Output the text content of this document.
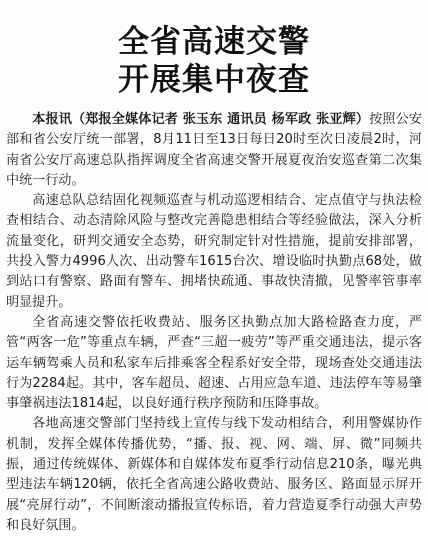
全省高速交警
开展集中夜查

本报讯（郑报全媒体记者 张玉东 通讯员 杨军政 张亚辉）按照公安部和省公安厅统一部署，8月11日至13日每日20时至次日凌晨2时，河南省公安厅高速总队指挥调度全省高速交警开展夏夜治安巡查第二次集中统一行动。

高速总队总结固化视频巡查与机动巡逻相结合、定点值守与执法检查相结合、动态清除风险与整改完善隐患相结合等经验做法，深入分析流量变化，研判交通安全态势，研究制定针对性措施，提前安排部署，共投入警力4996人次、出动警车1615台次、增设临时执勤点68处，做到站口有警察、路面有警车、拥堵快疏通、事故快清撤，见警率管事率明显提升。

全省高速交警依托收费站、服务区执勤点加大路检路查力度，严管“两客一危”等重点车辆，严查“三超一疲劳”等严重交通违法，提示客运车辆驾乘人员和私家车后排乘客全程系好安全带，现场查处交通违法行为2284起。其中，客车超员、超速、占用应急车道、违法停车等易肇事肇祸违法1814起，以良好通行秩序预防和压降事故。

各地高速交警部门坚持线上宣传与线下发动相结合，利用警媒协作机制，发挥全媒体传播优势，“播、报、视、网、端、屏、微”同频共振，通过传统媒体、新媒体和自媒体发布夏季行动信息210条，曝光典型违法车辆120辆，依托全省高速公路收费站、服务区、路面显示屏开展“亮屏行动”，不间断滚动播报宣传标语，着力营造夏季行动强大声势和良好氛围。
